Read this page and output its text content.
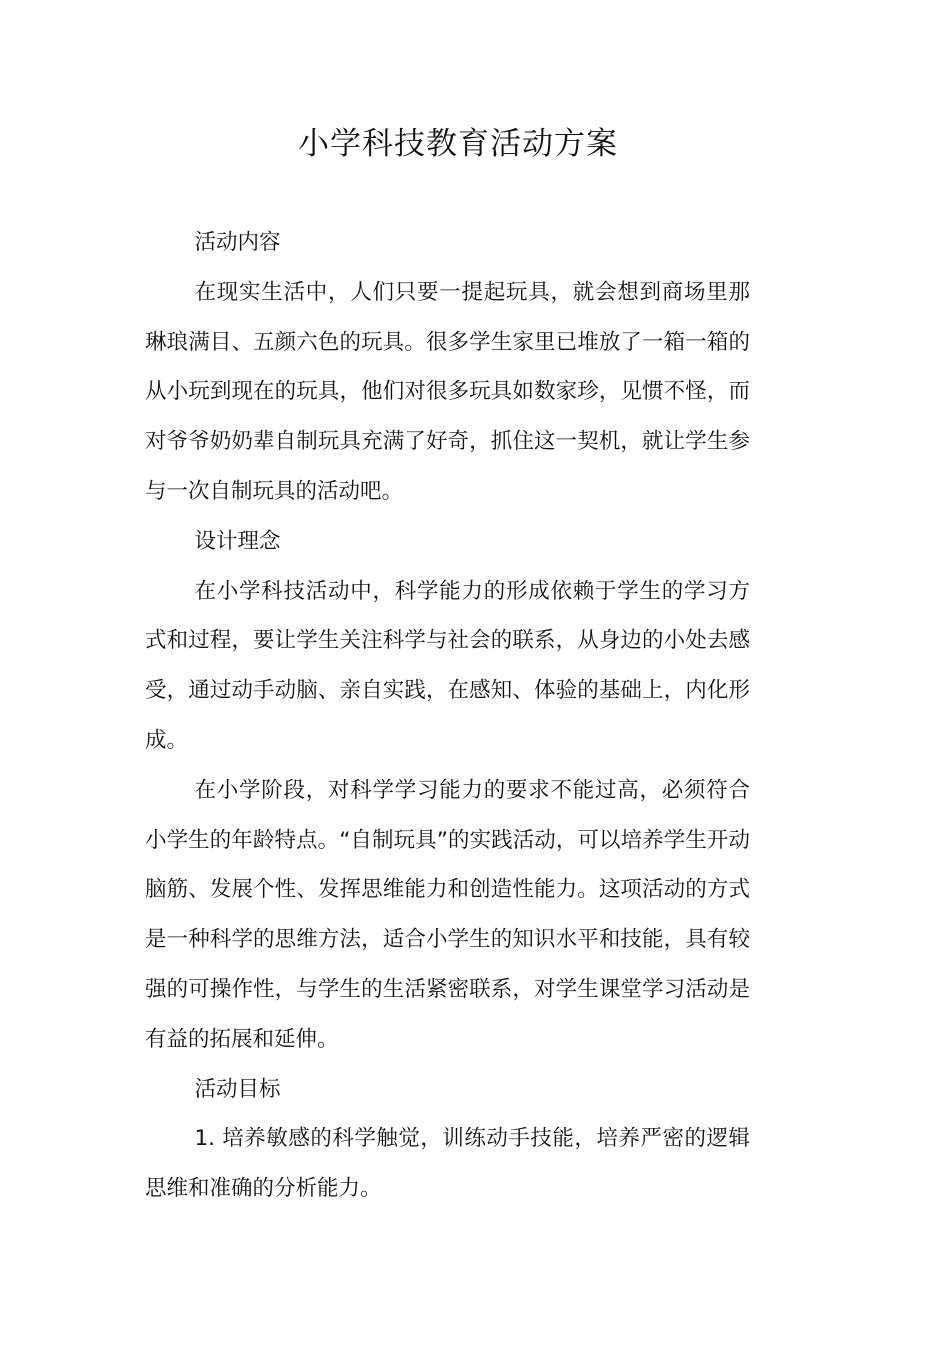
小学科技教育活动方案
活动内容

在现实生活中，人们只要一提起玩具，就会想到商场里那琳琅满目、五颜六色的玩具。很多学生家里已堆放了一箱一箱的从小玩到现在的玩具，他们对很多玩具如数家珍，见惯不怪，而对爷爷奶奶辈自制玩具充满了好奇，抓住这一契机，就让学生参与一次自制玩具的活动吧。

设计理念

在小学科技活动中，科学能力的形成依赖于学生的学习方式和过程，要让学生关注科学与社会的联系，从身边的小处去感受，通过动手动脑、亲自实践，在感知、体验的基础上，内化形成。

在小学阶段，对科学学习能力的要求不能过高，必须符合小学生的年龄特点。“自制玩具”的实践活动，可以培养学生开动脑筋、发展个性、发挥思维能力和创造性能力。这项活动的方式是一种科学的思维方法，适合小学生的知识水平和技能，具有较强的可操作性，与学生的生活紧密联系，对学生课堂学习活动是有益的拓展和延伸。

活动目标

1. 培养敏感的科学触觉，训练动手技能，培养严密的逻辑思维和准确的分析能力。
